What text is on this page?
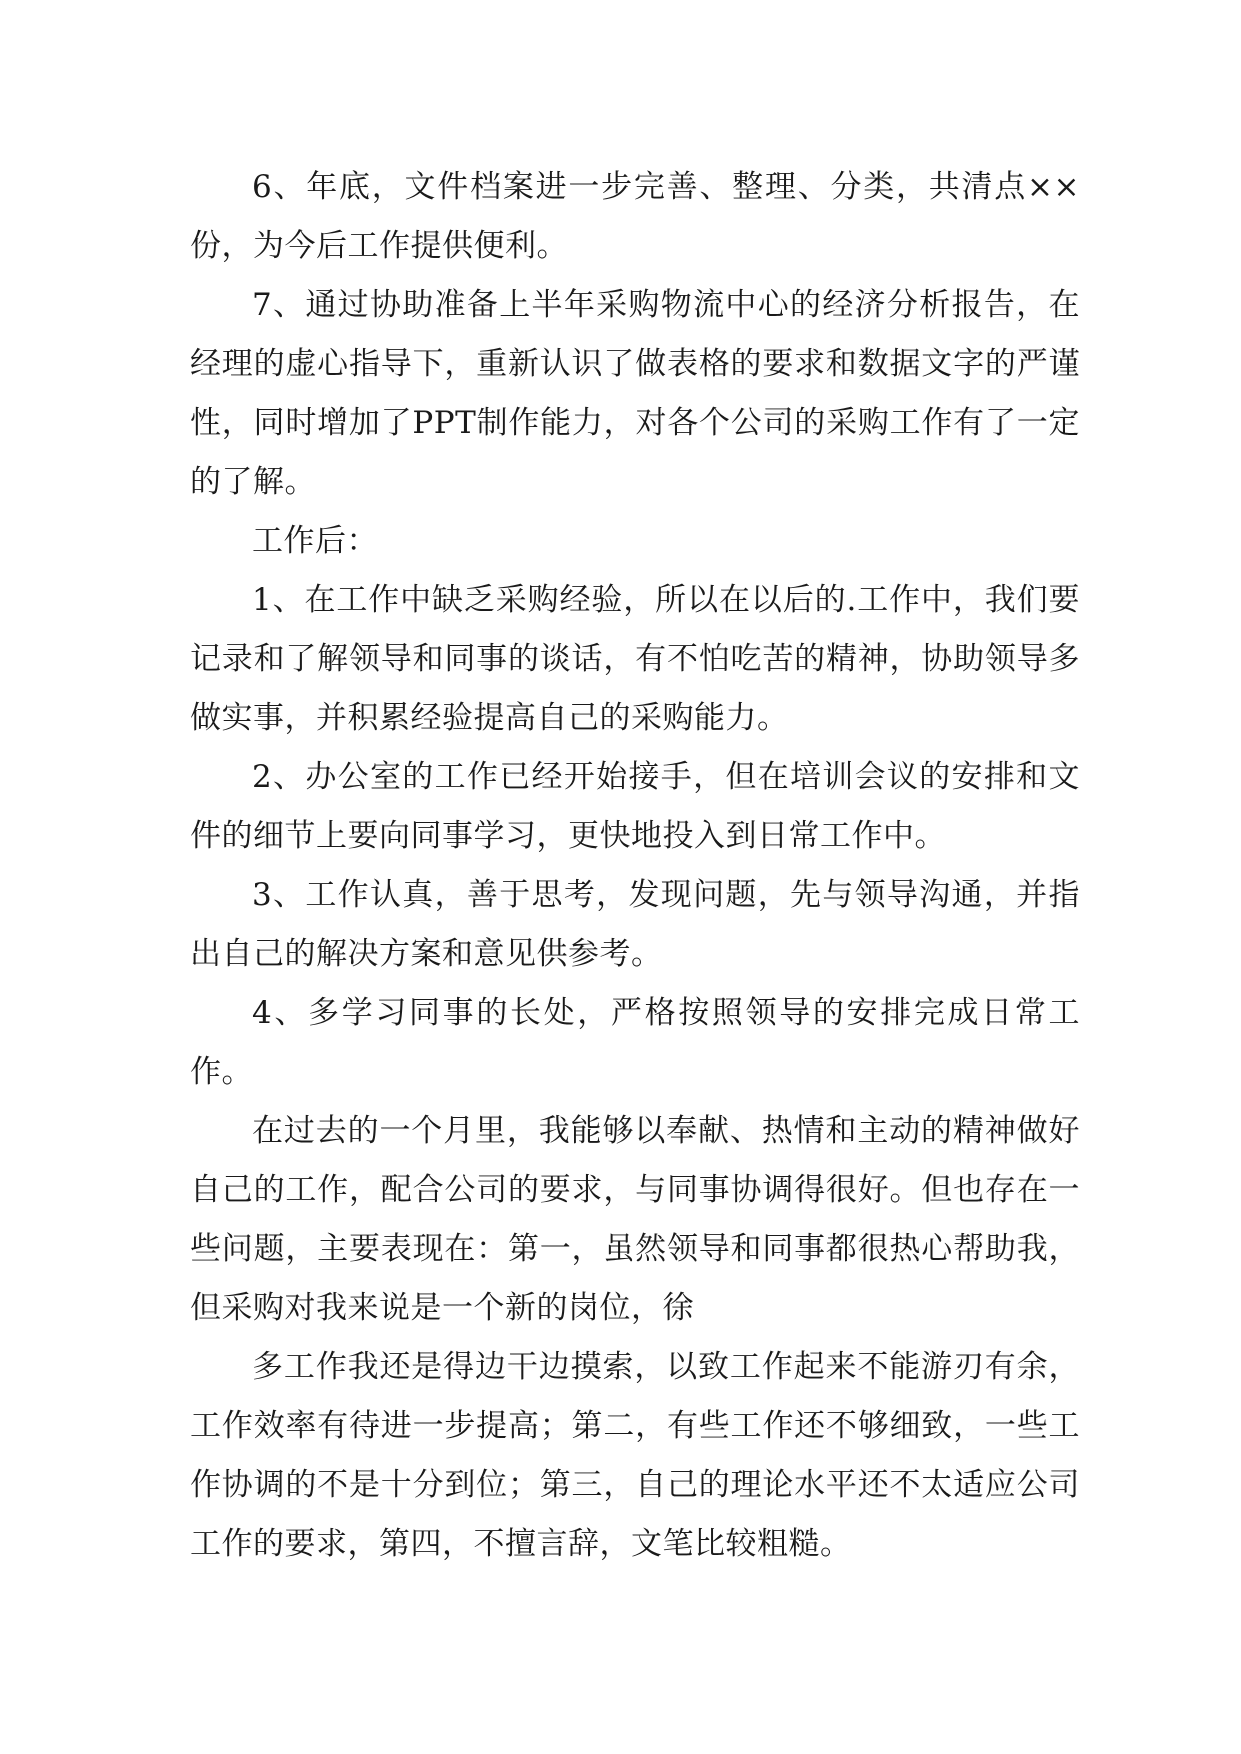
6、年底，文件档案进一步完善、整理、分类，共清点××份，为今后工作提供便利。

7、通过协助准备上半年采购物流中心的经济分析报告，在经理的虚心指导下，重新认识了做表格的要求和数据文字的严谨性，同时增加了PPT制作能力，对各个公司的采购工作有了一定的了解。

工作后：

1、在工作中缺乏采购经验，所以在以后的.工作中，我们要记录和了解领导和同事的谈话，有不怕吃苦的精神，协助领导多做实事，并积累经验提高自己的采购能力。

2、办公室的工作已经开始接手，但在培训会议的安排和文件的细节上要向同事学习，更快地投入到日常工作中。

3、工作认真，善于思考，发现问题，先与领导沟通，并指出自己的解决方案和意见供参考。

4、多学习同事的长处，严格按照领导的安排完成日常工作。

在过去的一个月里，我能够以奉献、热情和主动的精神做好自己的工作，配合公司的要求，与同事协调得很好。但也存在一些问题，主要表现在：第一，虽然领导和同事都很热心帮助我，但采购对我来说是一个新的岗位，徐

多工作我还是得边干边摸索，以致工作起来不能游刃有余，工作效率有待进一步提高；第二，有些工作还不够细致，一些工作协调的不是十分到位；第三，自己的理论水平还不太适应公司工作的要求，第四，不擅言辞，文笔比较粗糙。
